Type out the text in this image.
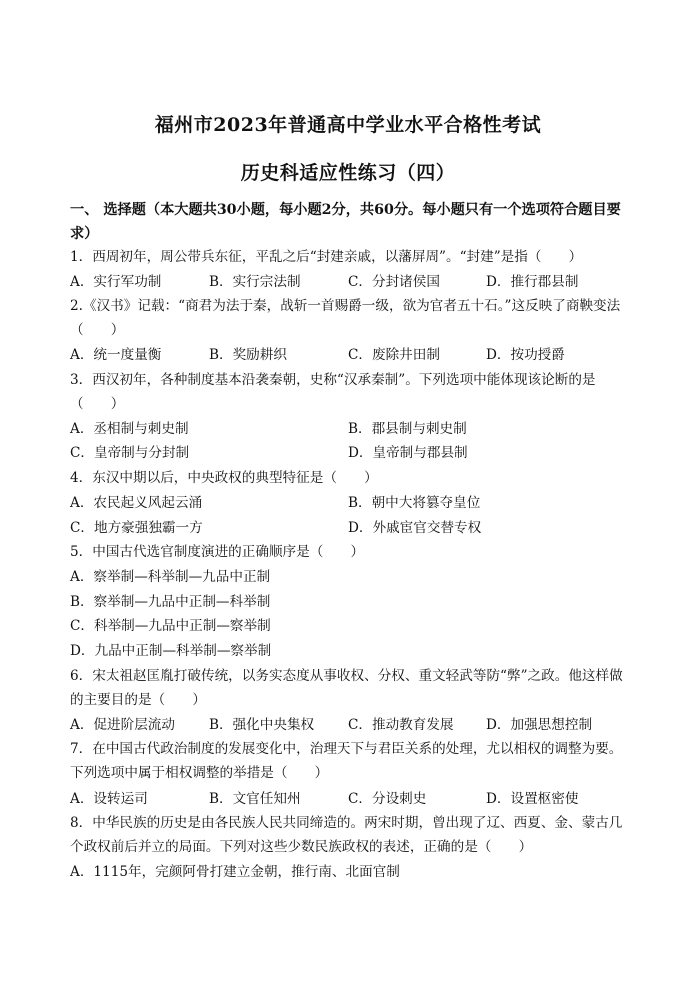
福州市2023年普通高中学业水平合格性考试
历史科适应性练习（四）
一、 选择题（本大题共30小题，每小题2分，共60分。每小题只有一个选项符合题目要求）
1．西周初年，周公带兵东征，平乱之后“封建亲戚，以藩屏周”。“封建”是指（　　）
A．实行军功制	B．实行宗法制	C．分封诸侯国	D．推行郡县制
2.《汉书》记载：“商君为法于秦，战斩一首赐爵一级，欲为官者五十石。”这反映了商鞅变法（　　）
A．统一度量衡	B．奖励耕织	C．废除井田制	D．按功授爵
3．西汉初年，各种制度基本沿袭秦朝，史称“汉承秦制”。下列选项中能体现该论断的是（　　）
A．丞相制与刺史制	B．郡县制与刺史制
C．皇帝制与分封制	D．皇帝制与郡县制
4．东汉中期以后，中央政权的典型特征是（　　）
A．农民起义风起云涌	B．朝中大将篡夺皇位
C．地方豪强独霸一方	D．外戚宦官交替专权
5．中国古代选官制度演进的正确顺序是（　　）
A．察举制—科举制—九品中正制
B．察举制—九品中正制—科举制
C．科举制—九品中正制—察举制
D．九品中正制—科举制—察举制
6．宋太祖赵匡胤打破传统，以务实态度从事收权、分权、重文轻武等防“弊”之政。他这样做的主要目的是（　　）
A．促进阶层流动	B．强化中央集权 C．推动教育发展 D．加强思想控制
7．在中国古代政治制度的发展变化中，治理天下与君臣关系的处理，尤以相权的调整为要。下列选项中属于相权调整的举措是（　　）
A．设转运司	B．文官任知州	C．分设刺史	D．设置枢密使
8．中华民族的历史是由各民族人民共同缔造的。两宋时期，曾出现了辽、西夏、金、蒙古几个政权前后并立的局面。下列对这些少数民族政权的表述，正确的是（　　）
A．1115年，完颜阿骨打建立金朝，推行南、北面官制
